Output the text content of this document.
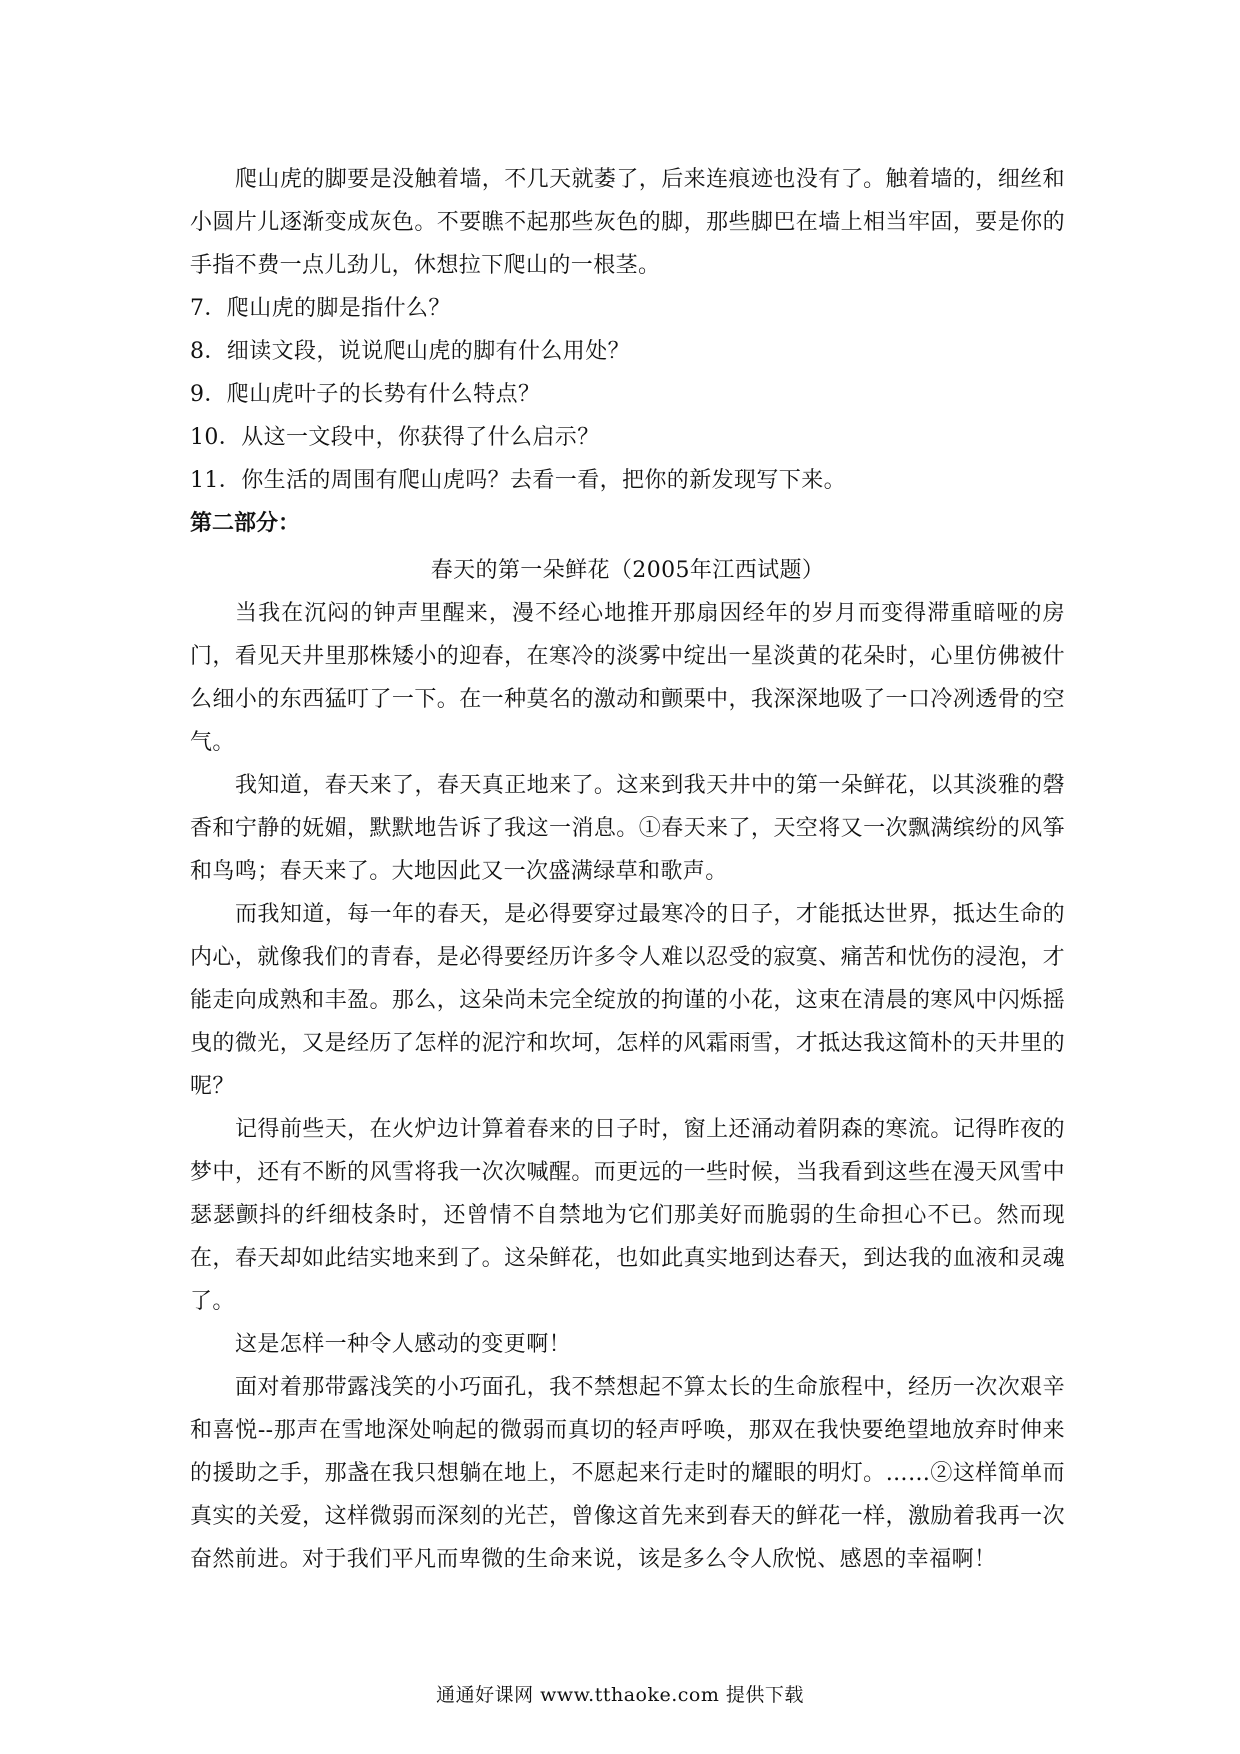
爬山虎的脚要是没触着墙，不几天就萎了，后来连痕迹也没有了。触着墙的，细丝和小圆片儿逐渐变成灰色。不要瞧不起那些灰色的脚，那些脚巴在墙上相当牢固，要是你的手指不费一点儿劲儿，休想拉下爬山的一根茎。

7．爬山虎的脚是指什么？

8．细读文段，说说爬山虎的脚有什么用处？

9．爬山虎叶子的长势有什么特点？

10．从这一文段中，你获得了什么启示？

11．你生活的周围有爬山虎吗？去看一看，把你的新发现写下来。

第二部分：

春天的第一朵鲜花（2005年江西试题）

当我在沉闷的钟声里醒来，漫不经心地推开那扇因经年的岁月而变得滞重暗哑的房门，看见天井里那株矮小的迎春，在寒冷的淡雾中绽出一星淡黄的花朵时，心里仿佛被什么细小的东西猛叮了一下。在一种莫名的激动和颤栗中，我深深地吸了一口冷冽透骨的空气。

我知道，春天来了，春天真正地来了。这来到我天井中的第一朵鲜花，以其淡雅的磬香和宁静的妩媚，默默地告诉了我这一消息。①春天来了，天空将又一次飘满缤纷的风筝和鸟鸣；春天来了。大地因此又一次盛满绿草和歌声。

而我知道，每一年的春天，是必得要穿过最寒冷的日子，才能抵达世界，抵达生命的内心，就像我们的青春，是必得要经历许多令人难以忍受的寂寞、痛苦和忧伤的浸泡，才能走向成熟和丰盈。那么，这朵尚未完全绽放的拘谨的小花，这束在清晨的寒风中闪烁摇曳的微光，又是经历了怎样的泥泞和坎坷，怎样的风霜雨雪，才抵达我这简朴的天井里的呢？

记得前些天，在火炉边计算着春来的日子时，窗上还涌动着阴森的寒流。记得昨夜的梦中，还有不断的风雪将我一次次喊醒。而更远的一些时候，当我看到这些在漫天风雪中瑟瑟颤抖的纤细枝条时，还曾情不自禁地为它们那美好而脆弱的生命担心不已。然而现在，春天却如此结实地来到了。这朵鲜花，也如此真实地到达春天，到达我的血液和灵魂了。

这是怎样一种令人感动的变更啊！

面对着那带露浅笑的小巧面孔，我不禁想起不算太长的生命旅程中，经历一次次艰辛和喜悦--那声在雪地深处响起的微弱而真切的轻声呼唤，那双在我快要绝望地放弃时伸来的援助之手，那盏在我只想躺在地上，不愿起来行走时的耀眼的明灯。……②这样简单而真实的关爱，这样微弱而深刻的光芒，曾像这首先来到春天的鲜花一样，激励着我再一次奋然前进。对于我们平凡而卑微的生命来说，该是多么令人欣悦、感恩的幸福啊！

通通好课网 www.tthaoke.com 提供下载
